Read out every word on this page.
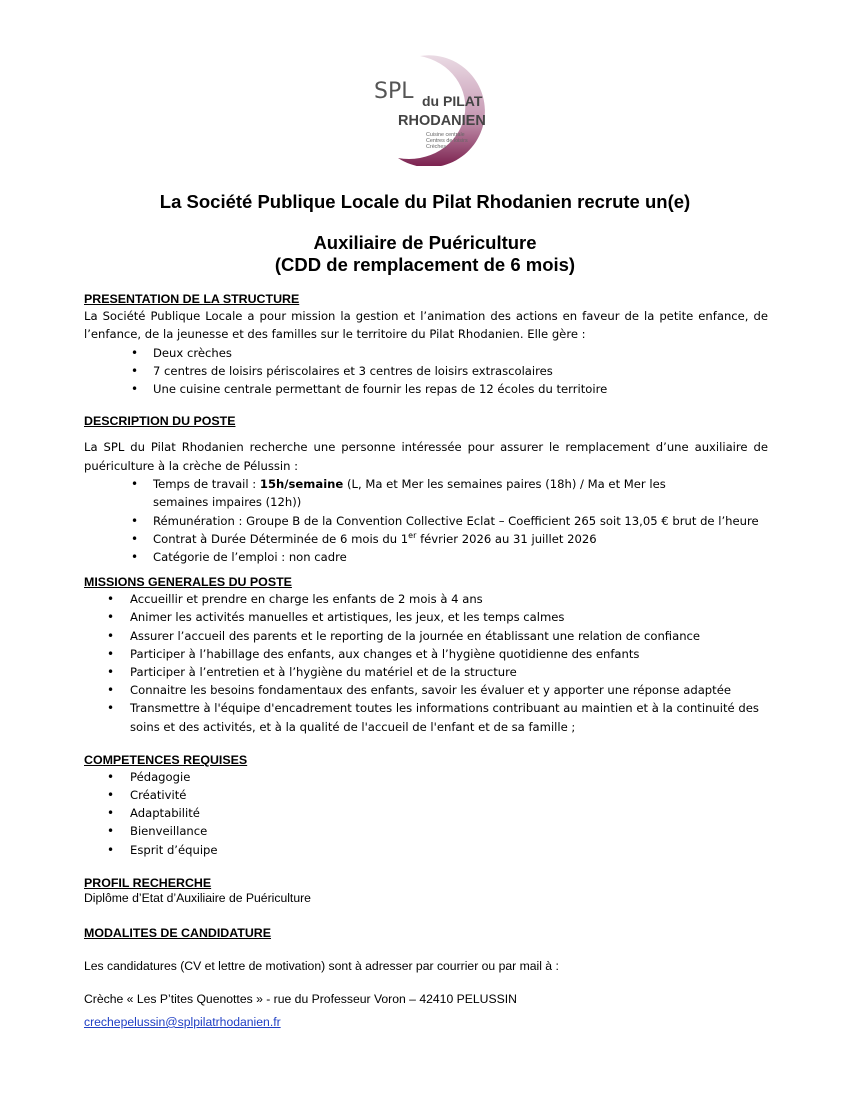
SPL du PILAT
RHODANIEN
Cuisine centrale
Centres de loisirs
Crèches
La Société Publique Locale du Pilat Rhodanien recrute un(e)
Auxiliaire de Puériculture
(CDD de remplacement de 6 mois)
PRESENTATION DE LA STRUCTURE
La Société Publique Locale a pour mission la gestion et l’animation des actions en faveur de la petite enfance, de l’enfance, de la jeunesse et des familles sur le territoire du Pilat Rhodanien. Elle gère :
• Deux crèches
• 7 centres de loisirs périscolaires et 3 centres de loisirs extrascolaires
• Une cuisine centrale permettant de fournir les repas de 12 écoles du territoire
DESCRIPTION DU POSTE
La SPL du Pilat Rhodanien recherche une personne intéressée pour assurer le remplacement d’une auxiliaire de puériculture à la crèche de Pélussin :
• Temps de travail : 15h/semaine (L, Ma et Mer les semaines paires (18h) / Ma et Mer les semaines impaires (12h))
• Rémunération : Groupe B de la Convention Collective Eclat – Coefficient 265 soit 13,05 € brut de l’heure
• Contrat à Durée Déterminée de 6 mois du 1er février 2026 au 31 juillet 2026
• Catégorie de l’emploi : non cadre
MISSIONS GENERALES DU POSTE
• Accueillir et prendre en charge les enfants de 2 mois à 4 ans
• Animer les activités manuelles et artistiques, les jeux, et les temps calmes
• Assurer l’accueil des parents et le reporting de la journée en établissant une relation de confiance
• Participer à l’habillage des enfants, aux changes et à l’hygiène quotidienne des enfants
• Participer à l’entretien et à l’hygiène du matériel et de la structure
• Connaitre les besoins fondamentaux des enfants, savoir les évaluer et y apporter une réponse adaptée
• Transmettre à l'équipe d'encadrement toutes les informations contribuant au maintien et à la continuité des soins et des activités, et à la qualité de l'accueil de l'enfant et de sa famille ;
COMPETENCES REQUISES
• Pédagogie
• Créativité
• Adaptabilité
• Bienveillance
• Esprit d’équipe
PROFIL RECHERCHE
Diplôme d’Etat d’Auxiliaire de Puériculture
MODALITES DE CANDIDATURE
Les candidatures (CV et lettre de motivation) sont à adresser par courrier ou par mail à :
Crèche « Les P’tites Quenottes » - rue du Professeur Voron – 42410 PELUSSIN
crechepelussin@splpilatrhodanien.fr
